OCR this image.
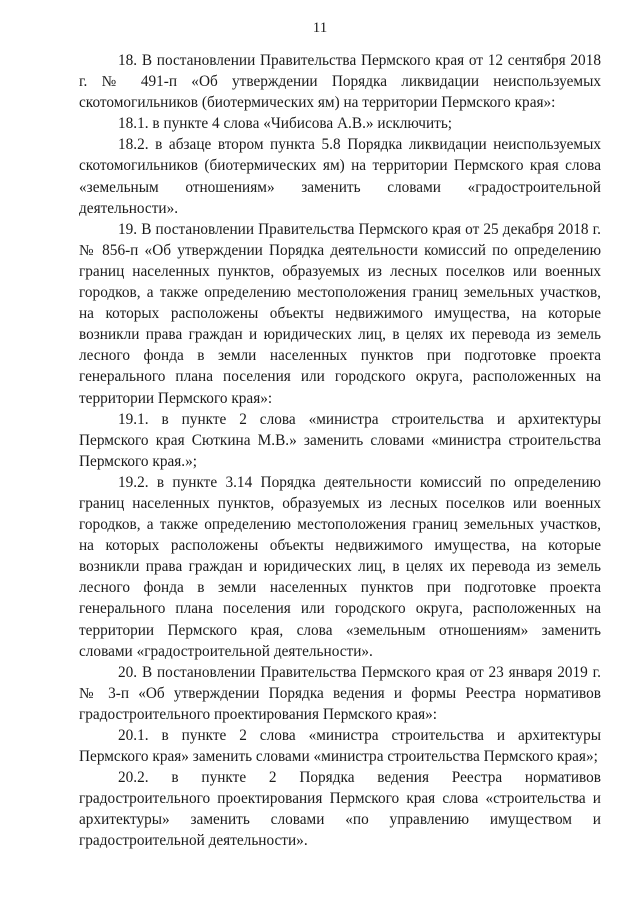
11

18. В постановлении Правительства Пермского края от 12 сентября 2018 г. № 491-п «Об утверждении Порядка ликвидации неиспользуемых скотомогильников (биотермических ям) на территории Пермского края»:

18.1. в пункте 4 слова «Чибисова А.В.» исключить;

18.2. в абзаце втором пункта 5.8 Порядка ликвидации неиспользуемых скотомогильников (биотермических ям) на территории Пермского края слова «земельным отношениям» заменить словами «градостроительной деятельности».

19. В постановлении Правительства Пермского края от 25 декабря 2018 г. № 856-п «Об утверждении Порядка деятельности комиссий по определению границ населенных пунктов, образуемых из лесных поселков или военных городков, а также определению местоположения границ земельных участков, на которых расположены объекты недвижимого имущества, на которые возникли права граждан и юридических лиц, в целях их перевода из земель лесного фонда в земли населенных пунктов при подготовке проекта генерального плана поселения или городского округа, расположенных на территории Пермского края»:

19.1. в пункте 2 слова «министра строительства и архитектуры Пермского края Сюткина М.В.» заменить словами «министра строительства Пермского края.»;

19.2. в пункте 3.14 Порядка деятельности комиссий по определению границ населенных пунктов, образуемых из лесных поселков или военных городков, а также определению местоположения границ земельных участков, на которых расположены объекты недвижимого имущества, на которые возникли права граждан и юридических лиц, в целях их перевода из земель лесного фонда в земли населенных пунктов при подготовке проекта генерального плана поселения или городского округа, расположенных на территории Пермского края, слова «земельным отношениям» заменить словами «градостроительной деятельности».

20. В постановлении Правительства Пермского края от 23 января 2019 г. № 3-п «Об утверждении Порядка ведения и формы Реестра нормативов градостроительного проектирования Пермского края»:

20.1. в пункте 2 слова «министра строительства и архитектуры Пермского края» заменить словами «министра строительства Пермского края»;

20.2. в пункте 2 Порядка ведения Реестра нормативов градостроительного проектирования Пермского края слова «строительства и архитектуры» заменить словами «по управлению имуществом и градостроительной деятельности».
